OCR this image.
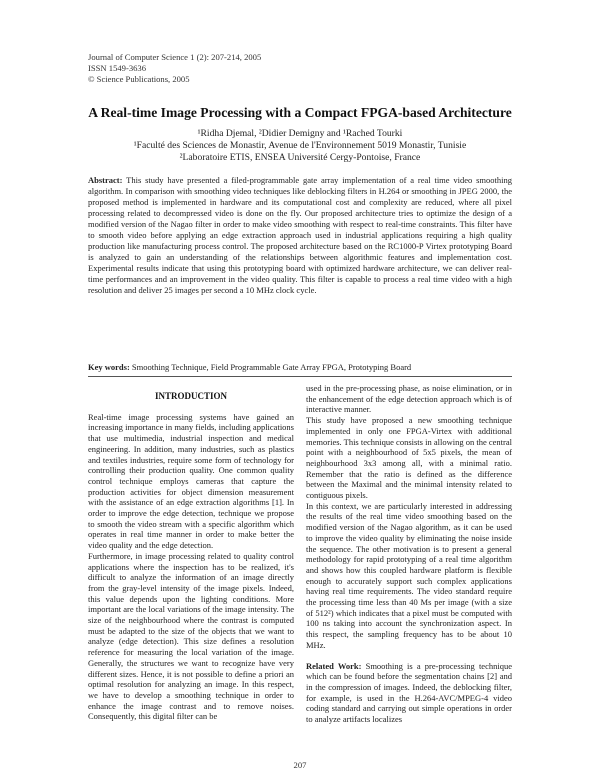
Journal of Computer Science 1 (2): 207-214, 2005
ISSN 1549-3636
© Science Publications, 2005
A Real-time Image Processing with a Compact FPGA-based Architecture
¹Ridha Djemal, ²Didier Demigny and ¹Rached Tourki
¹Faculté des Sciences de Monastir, Avenue de l'Environnement 5019 Monastir, Tunisie
²Laboratoire ETIS, ENSEA Université Cergy-Pontoise, France
Abstract: This study have presented a filed-programmable gate array implementation of a real time video smoothing algorithm. In comparison with smoothing video techniques like deblocking filters in H.264 or smoothing in JPEG 2000, the proposed method is implemented in hardware and its computational cost and complexity are reduced, where all pixel processing related to decompressed video is done on the fly. Our proposed architecture tries to optimize the design of a modified version of the Nagao filter in order to make video smoothing with respect to real-time constraints. This filter have to smooth video before applying an edge extraction approach used in industrial applications requiring a high quality production like manufacturing process control. The proposed architecture based on the RC1000-P Virtex prototyping Board is analyzed to gain an understanding of the relationships between algorithmic features and implementation cost. Experimental results indicate that using this prototyping board with optimized hardware architecture, we can deliver real-time performances and an improvement in the video quality. This filter is capable to process a real time video with a high resolution and deliver 25 images per second a 10 MHz clock cycle.
Key words: Smoothing Technique, Field Programmable Gate Array FPGA, Prototyping Board
INTRODUCTION

Real-time image processing systems have gained an increasing importance in many fields, including applications that use multimedia, industrial inspection and medical engineering. In addition, many industries, such as plastics and textiles industries, require some form of technology for controlling their production quality. One common quality control technique employs cameras that capture the production activities for object dimension measurement with the assistance of an edge extraction algorithms [1]. In order to improve the edge detection, technique we propose to smooth the video stream with a specific algorithm which operates in real time manner in order to make better the video quality and the edge detection.

Furthermore, in image processing related to quality control applications where the inspection has to be realized, it's difficult to analyze the information of an image directly from the gray-level intensity of the image pixels. Indeed, this value depends upon the lighting conditions. More important are the local variations of the image intensity. The size of the neighbourhood where the contrast is computed must be adapted to the size of the objects that we want to analyze (edge detection). This size defines a resolution reference for measuring the local variation of the image. Generally, the structures we want to recognize have very different sizes. Hence, it is not possible to define a priori an optimal resolution for analyzing an image. In this respect, we have to develop a smoothing technique in order to enhance the image contrast and to remove noises. Consequently, this digital filter can be

used in the pre-processing phase, as noise elimination, or in the enhancement of the edge detection approach which is of interactive manner.

This study have proposed a new smoothing technique implemented in only one FPGA-Virtex with additional memories. This technique consists in allowing on the central point with a neighbourhood of 5x5 pixels, the mean of neighbourhood 3x3 among all, with a minimal ratio. Remember that the ratio is defined as the difference between the Maximal and the minimal intensity related to contiguous pixels.

In this context, we are particularly interested in addressing the results of the real time video smoothing based on the modified version of the Nagao algorithm, as it can be used to improve the video quality by eliminating the noise inside the sequence. The other motivation is to present a general methodology for rapid prototyping of a real time algorithm and shows how this coupled hardware platform is flexible enough to accurately support such complex applications having real time requirements. The video standard require the processing time less than 40 Ms per image (with a size of 512²) which indicates that a pixel must be computed with 100 ns taking into account the synchronization aspect. In this respect, the sampling frequency has to be about 10 MHz.

Related Work: Smoothing is a pre-processing technique which can be found before the segmentation chains [2] and in the compression of images. Indeed, the deblocking filter, for example, is used in the H.264-AVC/MPEG-4 video coding standard and carrying out simple operations in order to analyze artifacts localizes

207
